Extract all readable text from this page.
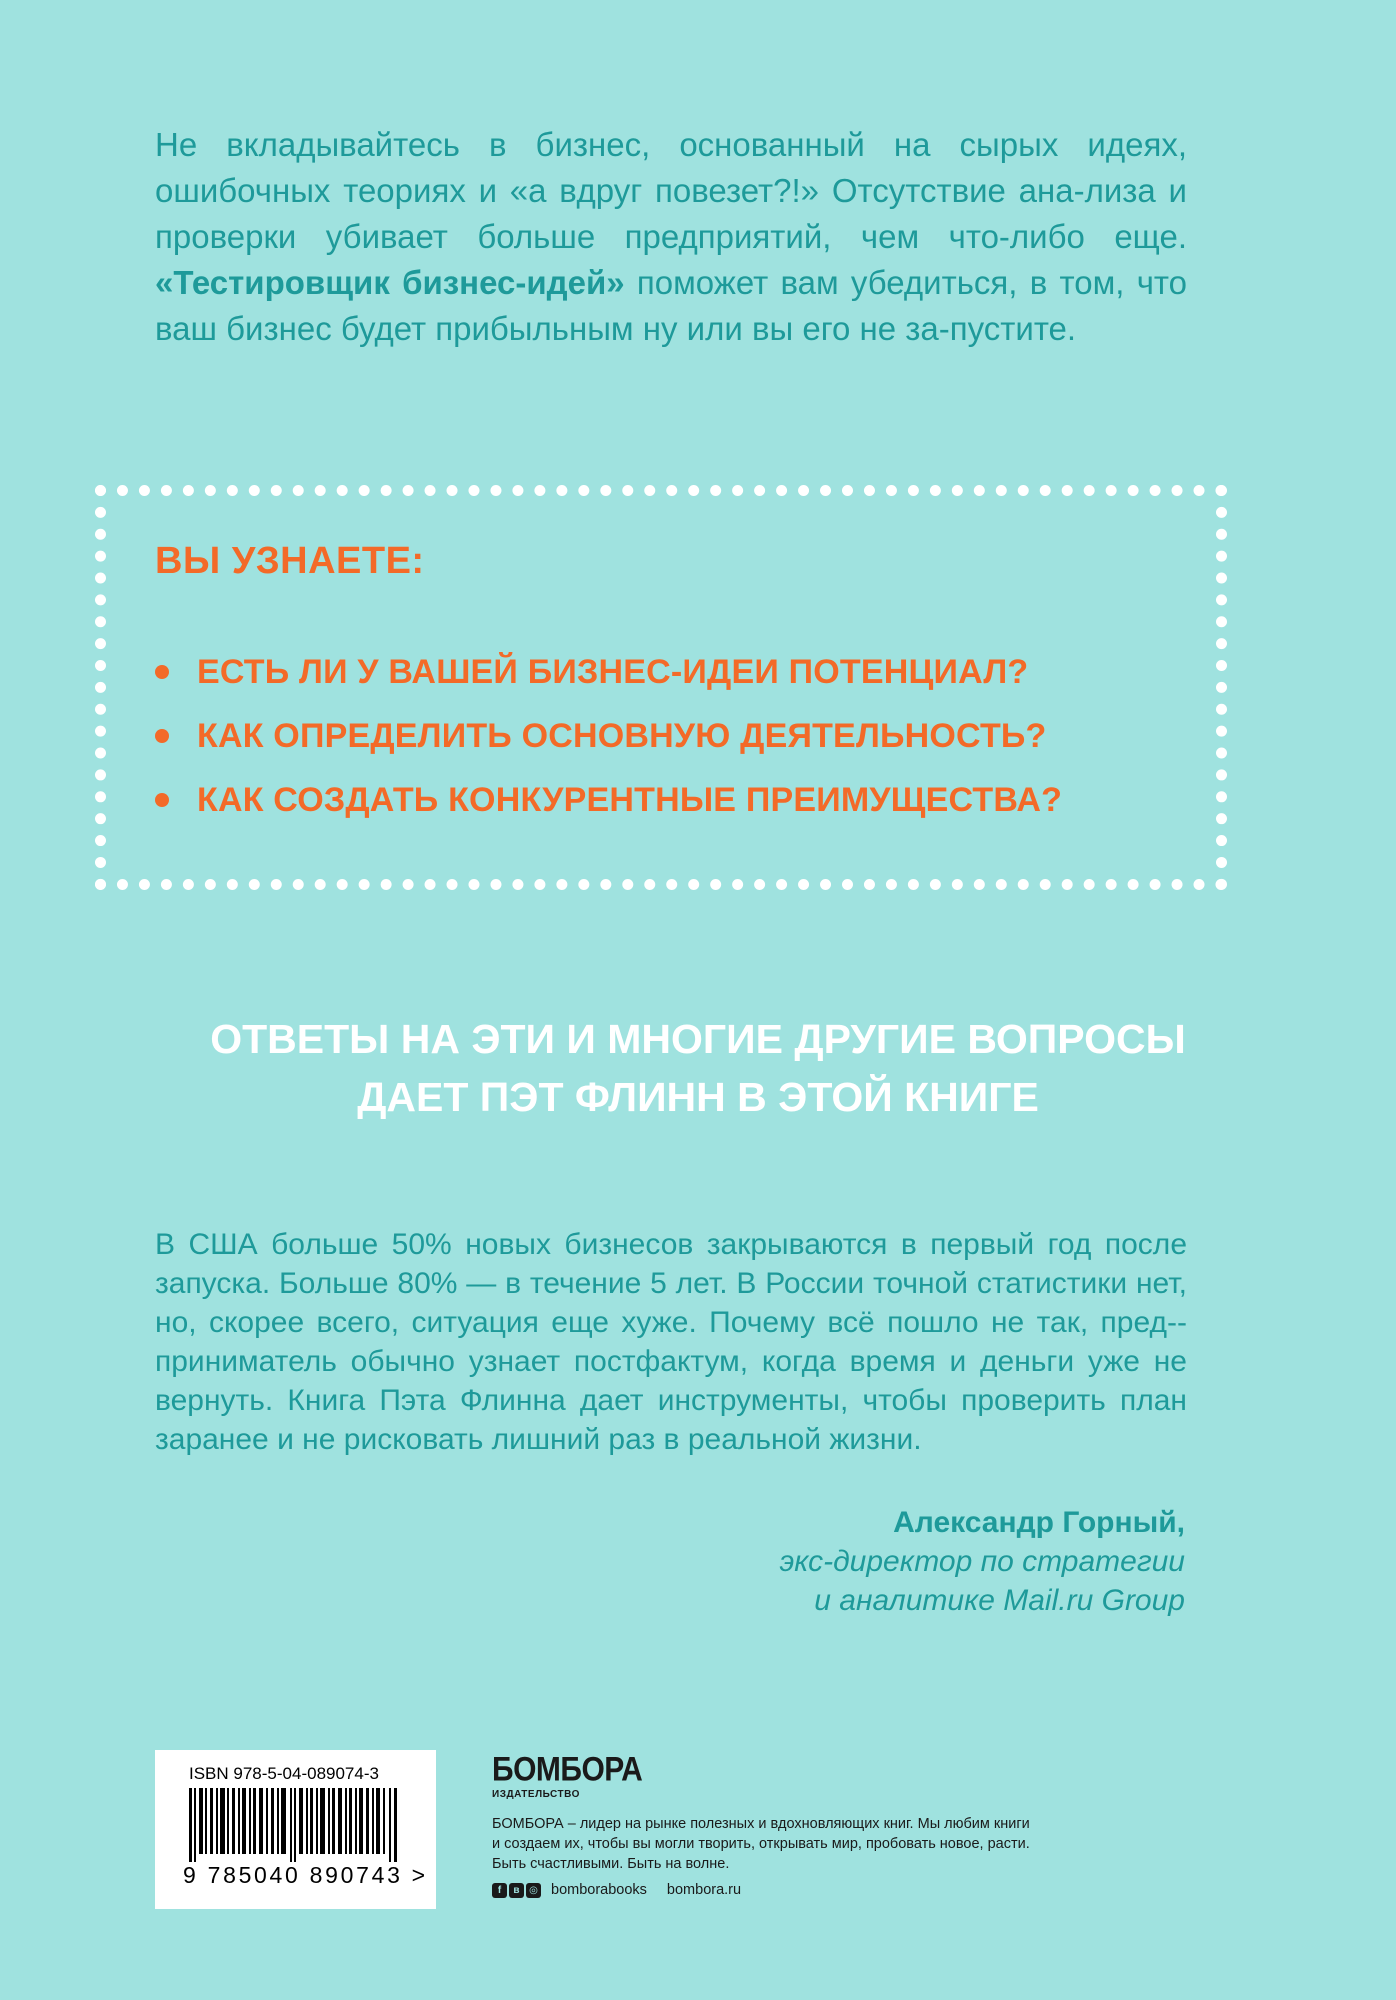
Не вкладывайтесь в бизнес, основанный на сырых идеях, ошибочных теориях и «а вдруг повезет?!» Отсутствие ана-лиза и проверки убивает больше предприятий, чем что-либо еще. «Тестировщик бизнес-идей» поможет вам убедиться, в том, что ваш бизнес будет прибыльным ну или вы его не за-пустите.
ВЫ УЗНАЕТЕ:
ЕСТЬ ЛИ У ВАШЕЙ БИЗНЕС-ИДЕИ ПОТЕНЦИАЛ?
КАК ОПРЕДЕЛИТЬ ОСНОВНУЮ ДЕЯТЕЛЬНОСТЬ?
КАК СОЗДАТЬ КОНКУРЕНТНЫЕ ПРЕИМУЩЕСТВА?
ОТВЕТЫ НА ЭТИ И МНОГИЕ ДРУГИЕ ВОПРОСЫ
ДАЕТ ПЭТ ФЛИНН В ЭТОЙ КНИГЕ
В США больше 50% новых бизнесов закрываются в первый год после запуска. Больше 80% — в течение 5 лет. В России точной статистики нет, но, скорее всего, ситуация еще хуже. Почему всё пошло не так, пред-приниматель обычно узнает постфактум, когда время и деньги уже не вернуть. Книга Пэта Флинна дает инструменты, чтобы проверить план заранее и не рисковать лишний раз в реальной жизни.
Александр Горный,
экс-директор по стратегии
и аналитике Mail.ru Group
ISBN 978-5-04-089074-3
9 785040 890743 >
БОМБОРА
ИЗДАТЕЛЬСТВО
БОМБОРА – лидер на рынке полезных и вдохновляющих книг. Мы любим книги и создаем их, чтобы вы могли творить, открывать мир, пробовать новое, расти. Быть счастливыми. Быть на волне.
f	в ◎ bomborabooks bombora.ru
